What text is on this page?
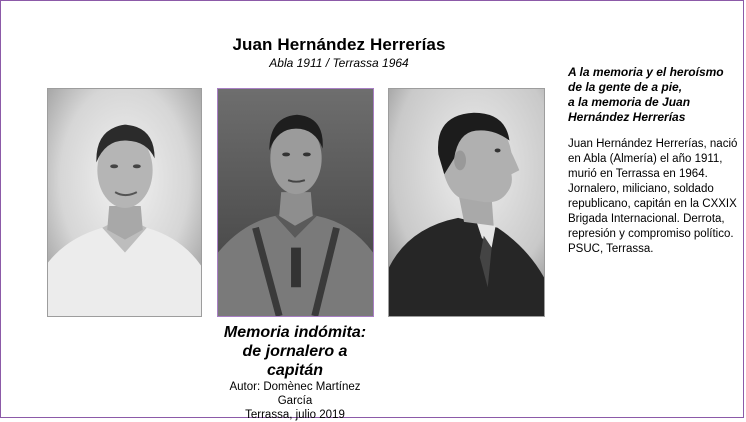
Juan Hernández Herrerías
Abla 1911 / Terrassa 1964
Memoria indómita:
de jornalero a capitán
Autor: Domènec Martínez García
Terrassa, julio 2019
A la memoria y el heroísmo de la gente de a pie,
a la memoria de Juan Hernández Herrerías
Juan Hernández Herrerías, nació en Abla (Almería) el año 1911, murió en Terrassa en 1964. Jornalero, miliciano, soldado republicano, capitán en la CXXIX Brigada Internacional. Derrota, represión y compromiso político.
PSUC, Terrassa.
